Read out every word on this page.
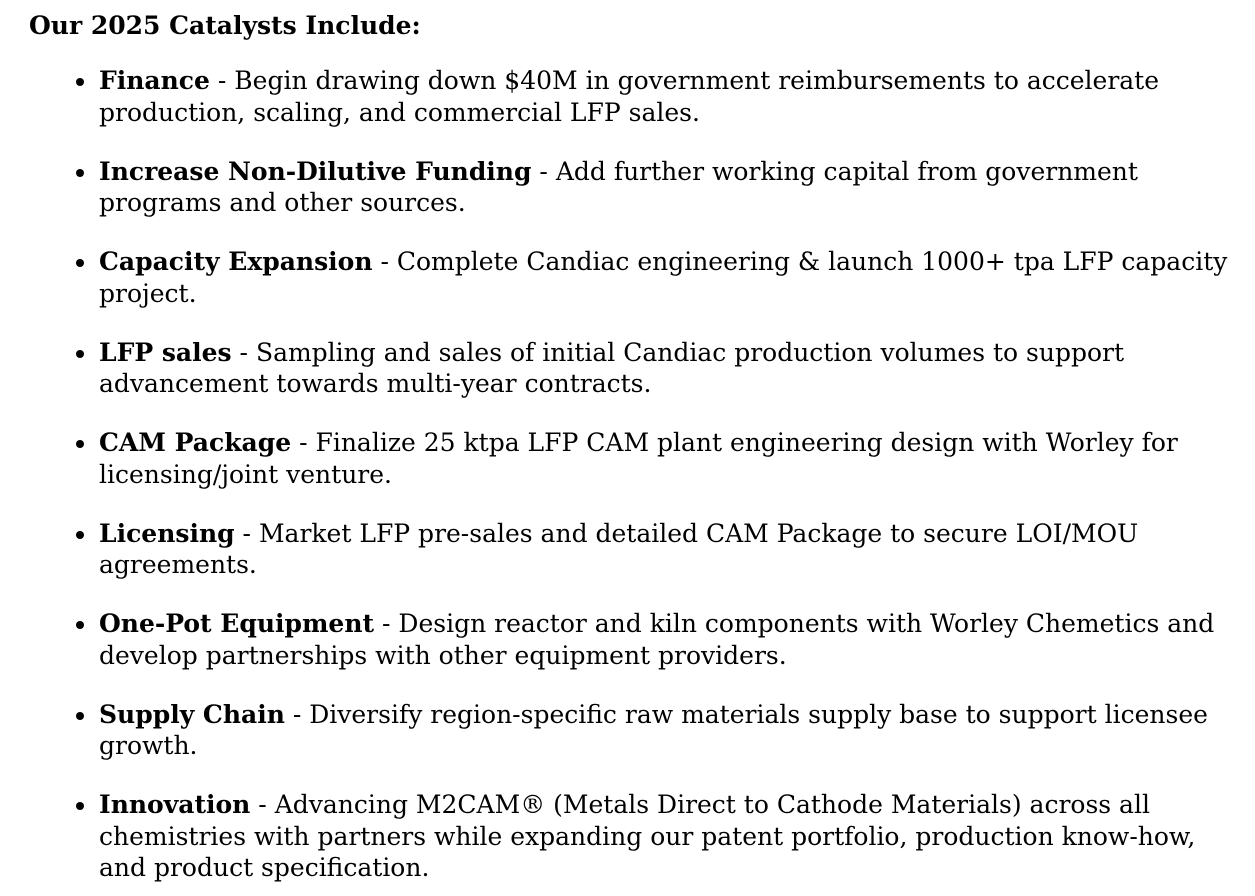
Our 2025 Catalysts Include:
Finance - Begin drawing down $40M in government reimbursements to accelerate production, scaling, and commercial LFP sales.
Increase Non-Dilutive Funding - Add further working capital from government programs and other sources.
Capacity Expansion - Complete Candiac engineering & launch 1000+ tpa LFP capacity project.
LFP sales - Sampling and sales of initial Candiac production volumes to support advancement towards multi-year contracts.
CAM Package - Finalize 25 ktpa LFP CAM plant engineering design with Worley for licensing/joint venture.
Licensing - Market LFP pre-sales and detailed CAM Package to secure LOI/MOU agreements.
One-Pot Equipment - Design reactor and kiln components with Worley Chemetics and develop partnerships with other equipment providers.
Supply Chain - Diversify region-specific raw materials supply base to support licensee growth.
Innovation - Advancing M2CAM® (Metals Direct to Cathode Materials) across all chemistries with partners while expanding our patent portfolio, production know-how, and product specification.
